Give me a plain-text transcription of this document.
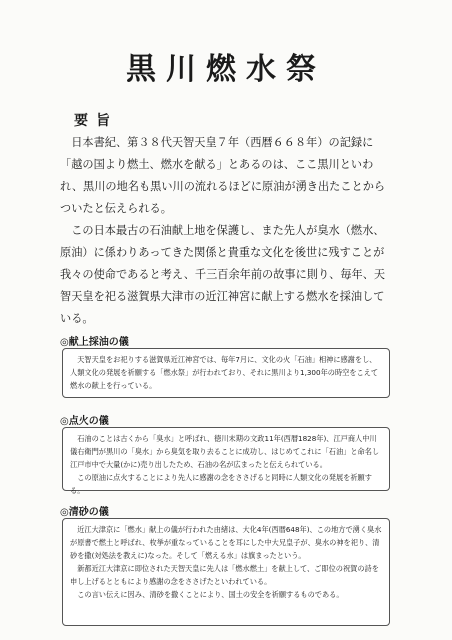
黒川燃水祭
要旨

日本書紀、第３８代天智天皇７年（西暦６６８年）の記録に「越の国より燃土、燃水を献る」とあるのは、ここ黒川といわれ、黒川の地名も黒い川の流れるほどに原油が湧き出たことからついたと伝えられる。

この日本最古の石油献上地を保護し、また先人が臭水（燃水、原油）に係わりあってきた関係と貴重な文化を後世に残すことが我々の使命であると考え、千三百余年前の故事に則り、毎年、天智天皇を祀る滋賀県大津市の近江神宮に献上する燃水を採油している。

◎献上採油の儀

天智天皇をお祀りする滋賀県近江神宮では、毎年7月に、文化の火「石油」相神に感謝をし、人類文化の発展を祈願する「燃水祭」が行われており、それに黒川より1,300年の時空をこえて燃水の献上を行っている。

◎点火の儀

石油のことは古くから「臭水」と呼ばれ、徳川末期の文政11年(西暦1828年)、江戸商人中川儀右衛門が黒川の「臭水」から臭気を取り去ることに成功し、はじめてこれに「石油」と命名し江戸市中で大量(かに)売り出したため、石油の名が広まったと伝えられている。

この原油に点火することにより先人に感謝の念をささげると同時に人類文化の発展を祈願する。

◎清砂の儀

近江大津京に「燃水」献上の儀が行われた由緒は、大化4年(西暦648年)、この地方で湧く臭水が原書で燃土と呼ばれ、枚挙が重なっていることを耳にした中大兄皇子が、臭水の神を祀り、清砂を撒(対処法を教えに)なった。そして「燃える水」は旗まったという。

新都近江大津京に即位された天智天皇に先人は「燃水燃土」を献上して、ご即位の祝賀の詩を申し上げるとともにより感謝の念をささげたといわれている。

この言い伝えに因み、清砂を撒くことにより、国土の安全を祈願するものである。
